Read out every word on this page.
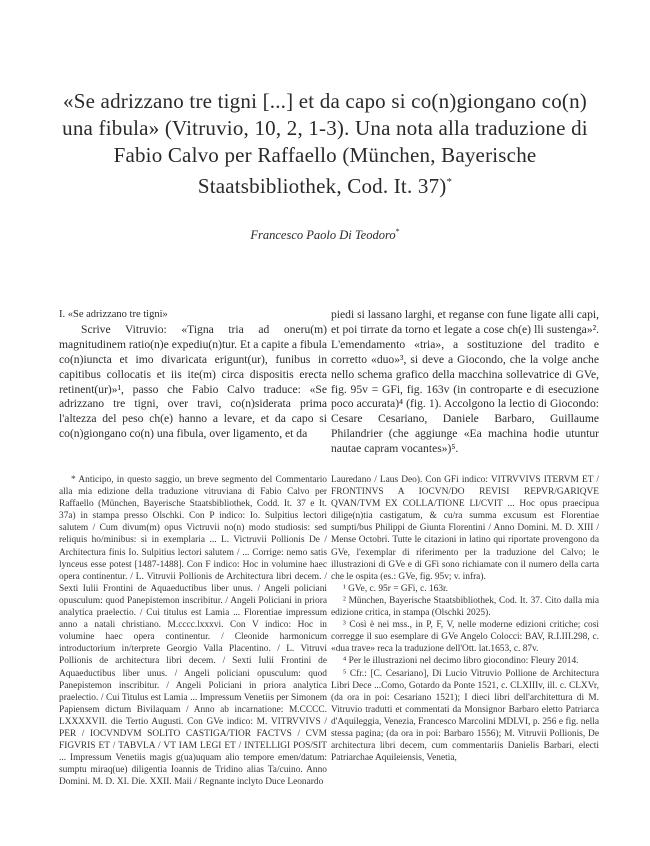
«Se adrizzano tre tigni [...] et da capo si co(n)giongano co(n) una fibula» (Vitruvio, 10, 2, 1-3). Una nota alla traduzione di Fabio Calvo per Raffaello (München, Bayerische Staatsbibliothek, Cod. It. 37)*
Francesco Paolo Di Teodoro*

I. «Se adrizzano tre tigni»

Scrive Vitruvio: «Tigna tria ad oneru(m) magnitudinem ratio(n)e expediu(n)tur. Et a capite a fibula co(n)iuncta et imo divaricata erigunt(ur), funibus in capitibus collocatis et iis ite(m) circa dispositis erecta retinent(ur)»¹, passo che Fabio Calvo traduce: «Se adrizzano tre tigni, over travi, co(n)siderata prima l'altezza del peso ch(e) hanno a levare, et da capo si co(n)giongano co(n) una fibula, over ligamento, et da

piedi si lassano larghi, et reganse con fune ligate alli capi, et poi tirrate da torno et legate a cose ch(e) lli sustenga»². L'emendamento «tria», a sostituzione del tradito e corretto «duo»³, si deve a Giocondo, che la volge anche nello schema grafico della macchina sollevatrice di GVe, fig. 95v = GFi, fig. 163v (in controparte e di esecuzione poco accurata)⁴ (fig. 1). Accolgono la lectio di Giocondo: Cesare Cesariano, Daniele Barbaro, Guillaume Philandrier (che aggiunge «Ea machina hodie utuntur nautae capram vocantes»)⁵.

* Anticipo, in questo saggio, un breve segmento del Commentario alla mia edizione della traduzione vitruviana di Fabio Calvo per Raffaello (München, Bayerische Staatsbibliothek, Codd. It. 37 e It. 37a) in stampa presso Olschki. Con P indico: Io. Sulpitius lectori salutem / Cum divum(m) opus Victruvii no(n) modo studiosis: sed reliquis ho/minibus: si in exemplaria ... L. Victruvii Pollionis De / Architectura finis Io. Sulpitius lectori salutem / ... Corrige: nemo satis lynceus esse potest [1487-1488]. Con F indico: Hoc in volumine haec opera continentur. / L. Vitruvii Pollionis de Architectura libri decem. / Sexti Iulii Frontini de Aquaeductibus liber unus. / Angeli policiani opusculum: quod Panepistemon inscribitur. / Angeli Policiani in priora analytica praelectio. / Cui titulus est Lamia ... Florentiae impressum anno a natali christiano. M.cccc.lxxxvi. Con V indico: Hoc in volumine haec opera continentur. / Cleonide harmonicum introductorium in/terprete Georgio Valla Placentino. / L. Vitruvi Pollionis de architectura libri decem. / Sexti Iulii Frontini de Aquaeductibus liber unus. / Angeli policiani opusculum: quod Panepistemon inscribitur. / Angeli Policiani in priora analytica praelectio. / Cui Titulus est Lamia ... Impressum Venetiis per Simonem Papiensem dictum Bivilaquam / Anno ab incarnatione: M.CCCC. LXXXXVII. die Tertio Augusti. Con GVe indico: M. VITRVVIVS / PER / IOCVNDVM SOLITO CASTIGA/TIOR FACTVS / CVM FIGVRIS ET / TABVLA / VT IAM LEGI ET / INTELLIGI POS/SIT ... Impressum Venetiis magis g(ua)uquam alio tempore emen/datum: sumptu miraq(ue) diligentia Ioannis de Tridino alias Ta/cuino. Anno Domini. M. D. XI. Die. XXII. Maii / Regnante inclyto Duce Leonardo

Lauredano / Laus Deo). Con GFi indico: VITRVVIVS ITERVM ET / FRONTINVS A IOCVN/DO REVISI REPVR/GARIQVE QVAN/TVM EX COLLA/TIONE LI/CVIT ... Hoc opus praecipua dilige(n)tia castigatum, & cu/ra summa excusum est Florentiae sumpti/bus Philippi de Giunta Florentini / Anno Domini. M. D. XIII / Mense Octobri. Tutte le citazioni in latino qui riportate provengono da GVe, l'exemplar di riferimento per la traduzione del Calvo; le illustrazioni di GVe e di GFi sono richiamate con il numero della carta che le ospita (es.: GVe, fig. 95v; v. infra).

¹ GVe, c. 95r = GFi, c. 163r.

² München, Bayerische Staatsbibliothek, Cod. It. 37. Cito dalla mia edizione critica, in stampa (Olschki 2025).

³ Così è nei mss., in P, F, V, nelle moderne edizioni critiche; così corregge il suo esemplare di GVe Angelo Colocci: BAV, R.I.III.298, c. «dua trave» reca la traduzione dell'Ott. lat.1653, c. 87v.

⁴ Per le illustrazioni nel decimo libro giocondino: Fleury 2014.

⁵ Cfr.: [C. Cesariano], Di Lucio Vitruvio Pollione de Architectura Libri Dece ...Como, Gotardo da Ponte 1521, c. CLXIIIv, ill. c. CLXVr, (da ora in poi: Cesariano 1521); I dieci libri dell'architettura di M. Vitruvio tradutti et commentati da Monsignor Barbaro eletto Patriarca d'Aquileggia, Venezia, Francesco Marcolini MDLVI, p. 256 e fig. nella stessa pagina; (da ora in poi: Barbaro 1556); M. Vitruvii Pollionis, De architectura libri decem, cum commentariis Danielis Barbari, electi Patriarchae Aquileiensis, Venetia,
